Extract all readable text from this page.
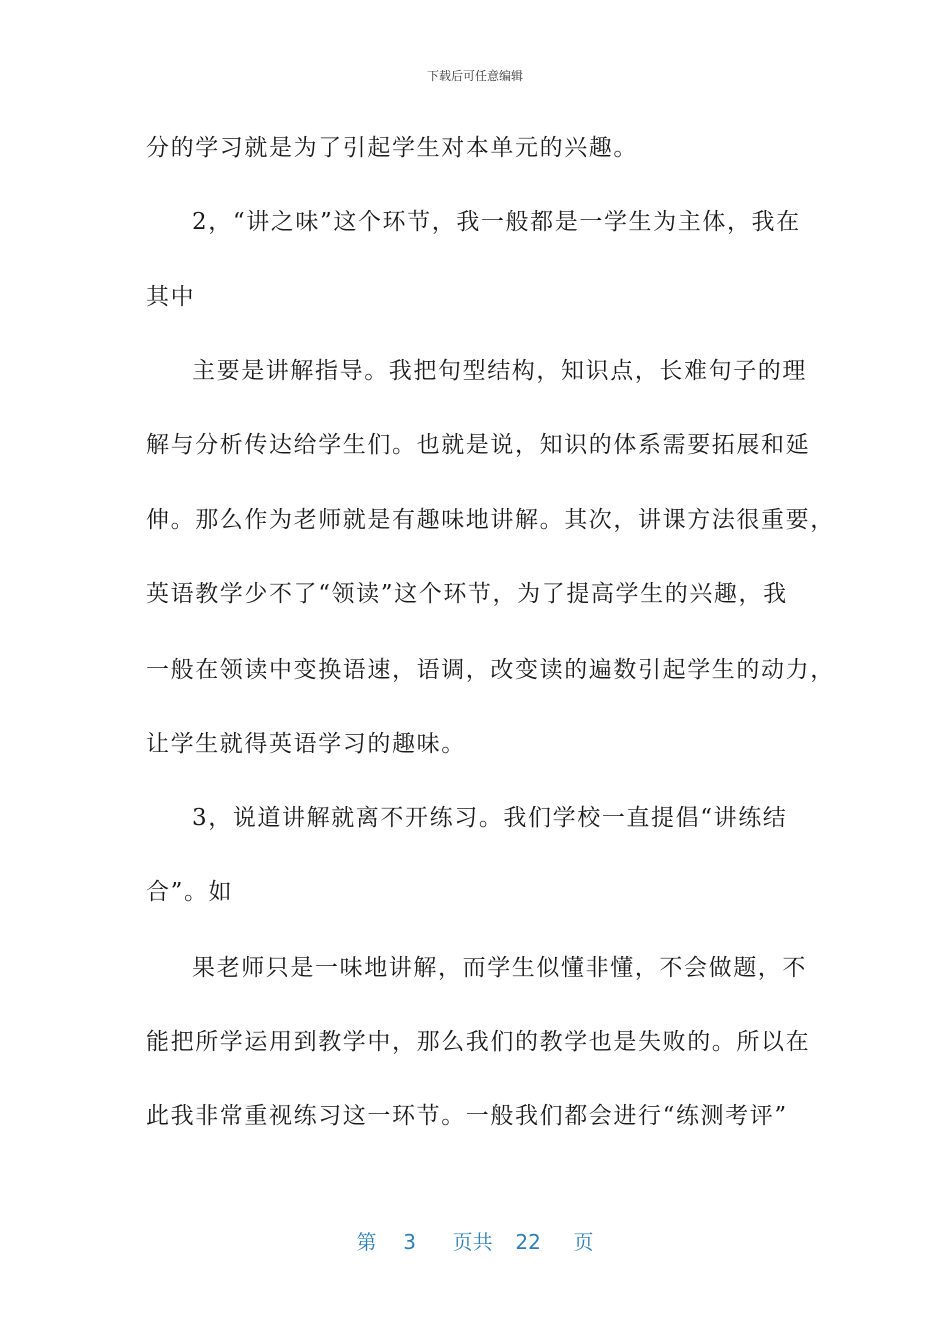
下载后可任意编辑
分的学习就是为了引起学生对本单元的兴趣。
2，“讲之味”这个环节，我一般都是一学生为主体，我在
其中
主要是讲解指导。我把句型结构，知识点，长难句子的理
解与分析传达给学生们。也就是说，知识的体系需要拓展和延
伸。那么作为老师就是有趣味地讲解。其次，讲课方法很重要，
英语教学少不了“领读”这个环节，为了提高学生的兴趣，我
一般在领读中变换语速，语调，改变读的遍数引起学生的动力，
让学生就得英语学习的趣味。
3，说道讲解就离不开练习。我们学校一直提倡“讲练结
合”。如
果老师只是一味地讲解，而学生似懂非懂，不会做题，不
能把所学运用到教学中，那么我们的教学也是失败的。所以在
此我非常重视练习这一环节。一般我们都会进行“练测考评”
第 3 页共 22 页
